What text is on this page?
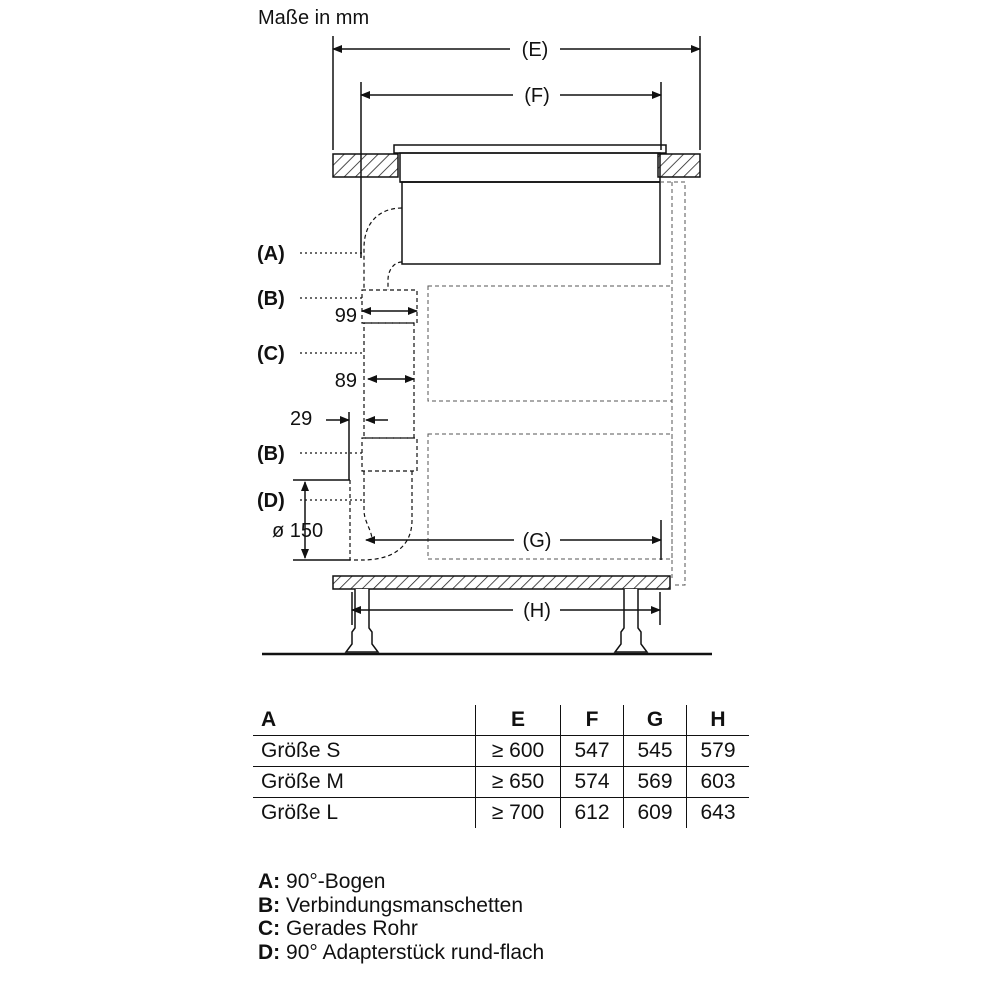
Maße in mm
(E)
(F)
99
89
29
ø 150	(G)
(A)
(B)
(C)
(B)
(D)
(H)
A	E	F	G	H
Größe S	≥ 600	547	545	579
Größe M	≥ 650	574	569	603
Größe L	≥ 700	612	609	643
A: 90°-Bogen
B: Verbindungsmanschetten
C: Gerades Rohr
D: 90° Adapterstück rund-flach
